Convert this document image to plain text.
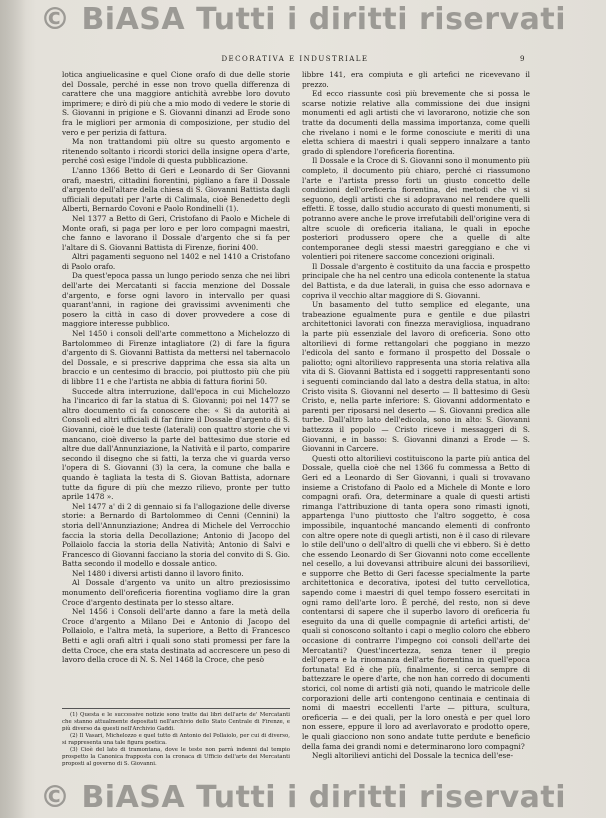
© BiASA Tutti i diritti riservati
DECORATIVA E INDUSTRIALE	9

lotica angiuelicasine e quel Cione orafo di due delle storie del Dossale, perché in esse non trovo quella differenza di carattere che una maggiore antichità avrebbe loro dovuto imprimere; e dirò di più che a mio modo di vedere le storie di S. Giovanni in prigione e S. Giovanni dinanzi ad Erode sono fra le migliori per armonia di composizione, per studio del vero e per perizia di fattura.

Ma non trattandomi più oltre su questo argomento e ritenendo soltanto i ricordi storici della insigne opera d'arte, perché così esige l'indole di questa pubblicazione.

L'anno 1366 Betto di Geri e Leonardo di Ser Giovanni orafi, maestri, cittadini fiorentini, pigliano a fare il Dossale d'argento dell'altare della chiesa di S. Giovanni Battista dagli ufficiali deputati per l'arte di Calimala, cioè Benedetto degli Alberti, Bernardo Covoni e Paolo Rondinelli (1).

Nel 1377 a Betto di Geri, Cristofano di Paolo e Michele di Monte orafi, si paga per loro e per loro compagni maestri, che fanno e lavorano il Dossale d'argento che si fa per l'altare di S. Giovanni Battista di Firenze, fiorini 400.

Altri pagamenti seguono nel 1402 e nel 1410 a Cristofano di Paolo orafo.

Da quest'epoca passa un lungo periodo senza che nei libri dell'arte dei Mercatanti si faccia menzione del Dossale d'argento, e forse ogni lavoro in intervallo per quasi quarant'anni, in ragione dei gravissimi avvenimenti che posero la città in caso di dover provvedere a cose di maggiore interesse pubblico.

Nel 1450 i consoli dell'arte commettono a Michelozzo di Bartolommeo di Firenze intagliatore (2) di fare la figura d'argento di S. Giovanni Battista da mettersi nel tabernacolo del Dossale, e si prescrive dapprima che essa sia alta un braccio e un centesimo di braccio, poi piuttosto più che più di libbre 11 e che l'artista ne abbia di fattura fiorini 50.

Succede altra interruzione, dall'epoca in cui Michelozzo ha l'incarico di far la statua di S. Giovanni; poi nel 1477 se altro documento ci fa conoscere che: « Si da autorità ai Consoli ed altri ufficiali di far finire il Dossale d'argento di S. Giovanni, cioè le due teste (laterali) con quattro storie che vi mancano, cioè diverso la parte del battesimo due storie ed altre due dall'Annunziazione, la Natività e il parto, comparire secondo il disegno che si fatti, la terza che vi guarda verso l'opera di S. Giovanni (3) la cera, la comune che balla e quando è tagliata la testa di S. Giovan Battista, adornare tutte da figure di più che mezzo rilievo, pronte per tutto aprile 1478 ».

Nel 1477 a' di 2 di gennaio si fa l'allogazione delle diverse storie: a Bernardo di Bartolommeo di Cenni (Cennini) la storia dell'Annunziazione; Andrea di Michele del Verrocchio faccia la storia della Decollazione; Antonio di Jacopo del Pollaiolo faccia la storia della Natività; Antonio di Salvi e Francesco di Giovanni facciano la storia del convito di S. Gio. Batta secondo il modello e dossale antico.

Nel 1480 i diversi artisti danno il lavoro finito.

Al Dossale d'argento va unito un altro preziosissimo monumento dell'oreficeria fiorentina vogliamo dire la gran Croce d'argento destinata per lo stesso altare.

Nel 1456 i Consoli dell'arte danno a fare la metà della Croce d'argento a Milano Dei e Antonio di Jacopo del Pollaiolo, e l'altra metà, la superiore, a Betto di Francesco Betti e agli orafi altri i quali sono stati promessi per fare la detta Croce, che era stata destinata ad accrescere un peso di lavoro della croce di N. S. Nel 1468 la Croce, che pesò

(1) Questa e le successive notizie sono tratte dai libri dell'arte de' Mercatanti che stanno attualmente depositati nell'archivio dello Stato Centrale di Firenze, e più diverso da questi nell'Archivio Gaddi.

(2) Il Vasari, Michelozzo e quel tutto di Antonio del Pollaiolo, per cui di diverso, si rappresenta una tale figura poetica.

(3) Cioè del lato di tramontana, dove le teste non parrà indenni dal tempio prospetto la Canonica frapposta con la cronaca di Ufficio dell'arte dei Mercatanti proposti al governo di S. Giovanni.

libbre 141, era compiuta e gli artefici ne ricevevano il prezzo.

Ed ecco riassunte così più brevemente che si possa le scarse notizie relative alla commissione dei due insigni monumenti ed agli artisti che vi lavorarono, notizie che son tratte da documenti della massima importanza, come quelli che rivelano i nomi e le forme conosciute e meriti di una eletta schiera di maestri i quali seppero innalzare a tanto grado di splendore l'oreficeria fiorentina.

Il Dossale e la Croce di S. Giovanni sono il monumento più completo, il documento più chiaro, perché ci riassumono l'arte e l'artista presso forti un giusto concetto delle condizioni dell'oreficeria fiorentina, dei metodi che vi si seguono, degli artisti che si adopravano nel rendere quelli effetti. E tosse, dallo studio accurato di questi monumenti, si potranno avere anche le prove irrefutabili dell'origine vera di altre scuole di oreficeria italiana, le quali in epoche posteriori produssero opere che a quelle di alte contemporanee degli stessi maestri gareggiano e che vi volentieri poi ritenere saccome concezioni originali.

Il Dossale d'argento è costituito da una faccia e prospetto principale che ha nel centro una edicola contenente la statua del Battista, e da due laterali, in guisa che esso adornava e copriva il vecchio altar maggiore di S. Giovanni.

Un basamento del tutto semplice ed elegante, una trabeazione egualmente pura e gentile e due pilastri architettonici lavorati con finezza meravigliosa, inquadrano la parte più essenziale del lavoro di oreficeria. Sono otto altorilievi di forme rettangolari che poggiano in mezzo l'edicola del santo e formano il prospetto del Dossale o paliotto; ogni altorilievo rappresenta una storia relativa alla vita di S. Giovanni Battista ed i soggetti rappresentanti sono i seguenti cominciando dal lato a destra della statua, in alto: Cristo visita S. Giovanni nel deserto — Il battesimo di Gesù Cristo, e, nella parte inferiore: S. Giovanni addormentato e parenti per riposarsi nel deserto — S. Giovanni predica alle turbe. Dall'altro lato dell'edicola, sono in alto: S. Giovanni battezza il popolo — Cristo riceve i messaggeri di S. Giovanni, e in basso: S. Giovanni dinanzi a Erode — S. Giovanni in Carcere.

Questi otto altorilievi costituiscono la parte più antica del Dossale, quella cioè che nel 1366 fu commessa a Betto di Geri ed a Leonardo di Ser Giovanni, i quali si trovavano insieme a Cristofano di Paolo ed a Michele di Monte e loro compagni orafi. Ora, determinare a quale di questi artisti rimanga l'attribuzione di tanta opera sono rimasti ignoti, appartenga l'uno piuttosto che l'altro soggetto, è cosa impossibile, inquantoché mancando elementi di confronto con altre opere note di quegli artisti, non è il caso di rilevare lo stile dell'uno o dell'altro di quelli che vi ebbero. Si è detto che essendo Leonardo di Ser Giovanni noto come eccellente nel cesello, a lui dovevansi attribuire alcuni dei bassorilievi, e supporre che Betto di Geri facesse specialmente la parte architettonica e decorativa, ipotesi del tutto cervellotica, sapendo come i maestri di quel tempo fossero esercitati in ogni ramo dell'arte loro. È perché, del resto, non si deve contentarsi di sapere che il superbo lavoro di oreficeria fu eseguito da una di quelle compagnie di artefici artisti, de' quali si conoscono soltanto i capi o meglio coloro che ebbero occasione di contrarre l'impegno coi consoli dell'arte dei Mercatanti? Quest'incertezza, senza tener il pregio dell'opera e la rinomanza dell'arte fiorentina in quell'epoca fortunata! Ed è che più, finalmente, si cerca sempre di battezzare le opere d'arte, che non han corredo di documenti storici, col nome di artisti già noti, quando le matricole delle corporazioni delle arti contengono centinaia e centinaia di nomi di maestri eccellenti l'arte — pittura, scultura, oreficeria — e dei quali, per la loro onestà e per quel loro non essere, eppure il loro ad averlavorato e prodotto opere, le quali giacciono non sono andate tutte perdute e beneficio della fama dei grandi nomi e determinarono loro compagni?

Negli altorilievi antichi del Dossale la tecnica dell'ese-

© BiASA Tutti i diritti riservati
